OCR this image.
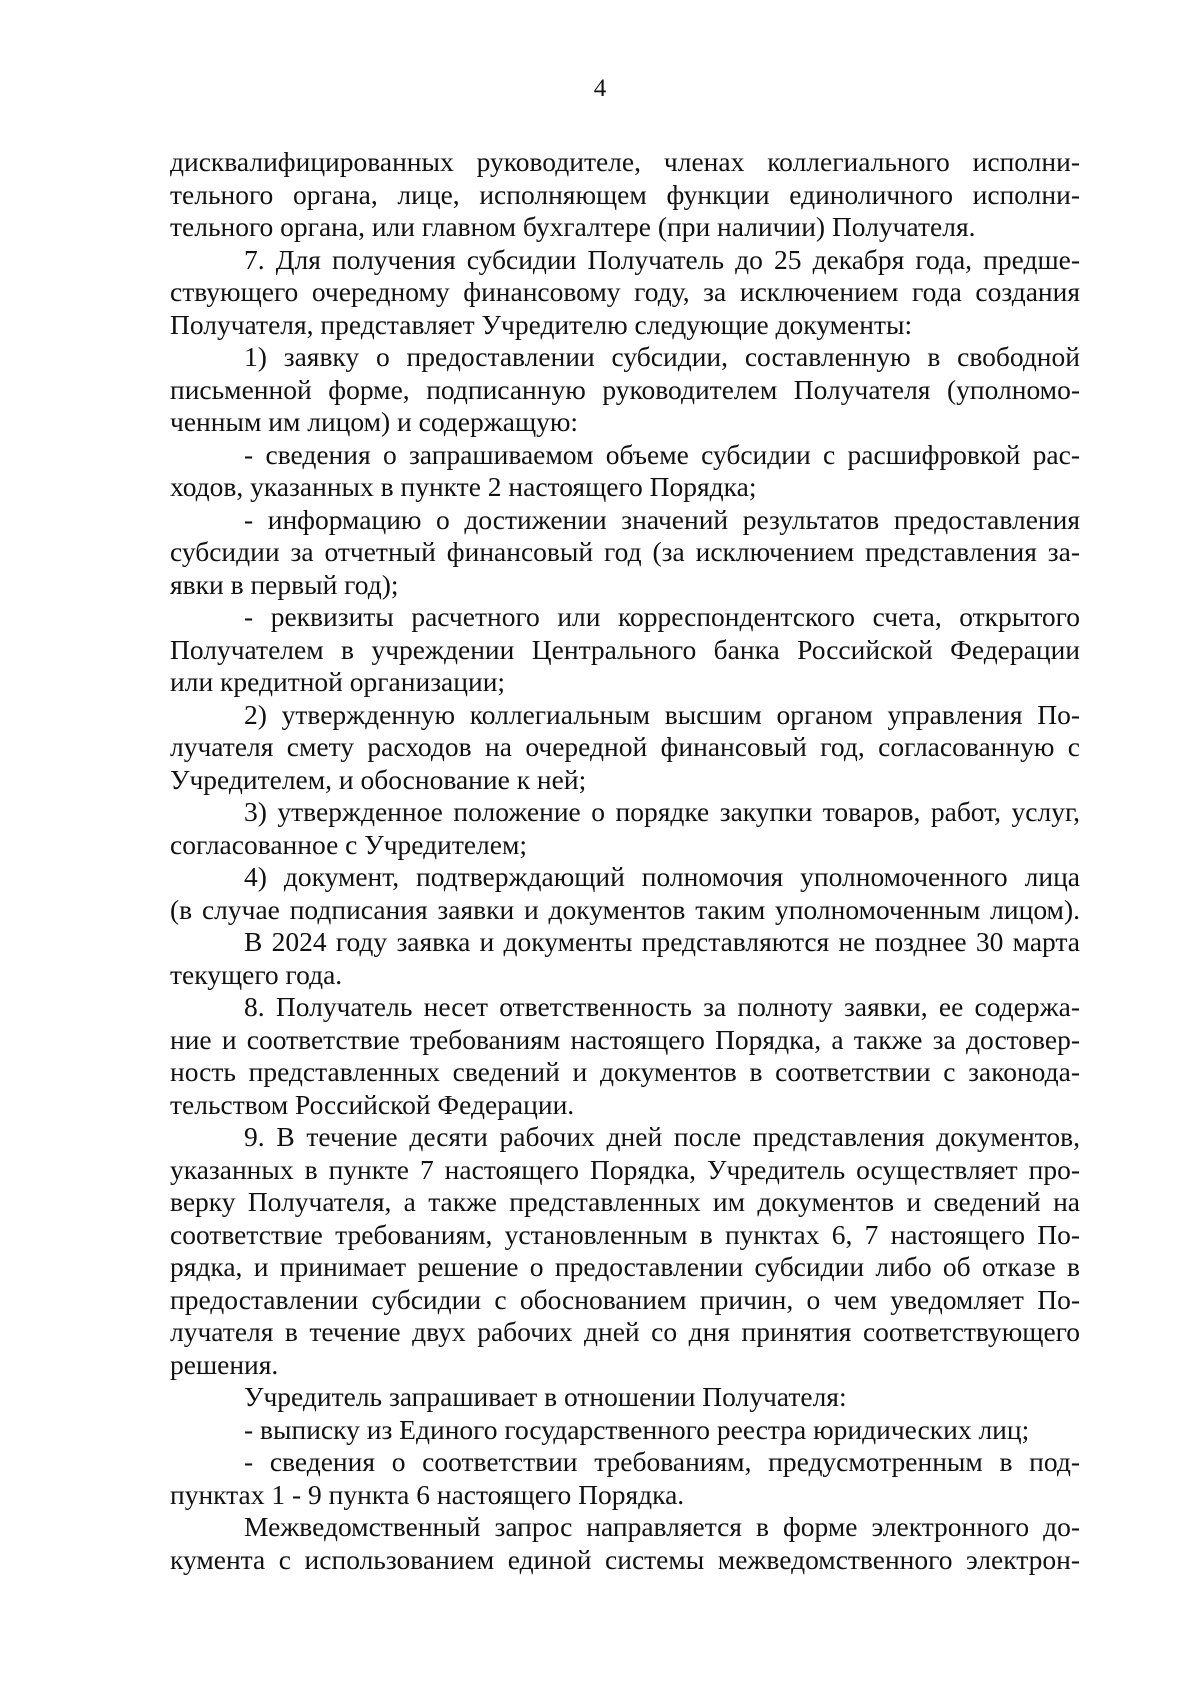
4
дисквалифицированных руководителе, членах коллегиального исполни-
тельного органа, лице, исполняющем функции единоличного исполни-
тельного органа, или главном бухгалтере (при наличии) Получателя.
7. Для получения субсидии Получатель до 25 декабря года, предше-
ствующего очередному финансовому году, за исключением года создания
Получателя, представляет Учредителю следующие документы:
1) заявку о предоставлении субсидии, составленную в свободной
письменной форме, подписанную руководителем Получателя (уполномо-
ченным им лицом) и содержащую:
- сведения о запрашиваемом объеме субсидии с расшифровкой рас-
ходов, указанных в пункте 2 настоящего Порядка;
- информацию о достижении значений результатов предоставления
субсидии за отчетный финансовый год (за исключением представления за-
явки в первый год);
- реквизиты расчетного или корреспондентского счета, открытого
Получателем в учреждении Центрального банка Российской Федерации
или кредитной организации;
2) утвержденную коллегиальным высшим органом управления По-
лучателя смету расходов на очередной финансовый год, согласованную с
Учредителем, и обоснование к ней;
3) утвержденное положение о порядке закупки товаров, работ, услуг,
согласованное с Учредителем;
4) документ, подтверждающий полномочия уполномоченного лица
(в случае подписания заявки и документов таким уполномоченным лицом).
В 2024 году заявка и документы представляются не позднее 30 марта
текущего года.
8. Получатель несет ответственность за полноту заявки, ее содержа-
ние и соответствие требованиям настоящего Порядка, а также за достовер-
ность представленных сведений и документов в соответствии с законода-
тельством Российской Федерации.
9. В течение десяти рабочих дней после представления документов,
указанных в пункте 7 настоящего Порядка, Учредитель осуществляет про-
верку Получателя, а также представленных им документов и сведений на
соответствие требованиям, установленным в пунктах 6, 7 настоящего По-
рядка, и принимает решение о предоставлении субсидии либо об отказе в
предоставлении субсидии с обоснованием причин, о чем уведомляет По-
лучателя в течение двух рабочих дней со дня принятия соответствующего
решения.
Учредитель запрашивает в отношении Получателя:
- выписку из Единого государственного реестра юридических лиц;
- сведения о соответствии требованиям, предусмотренным в под-
пунктах 1 - 9 пункта 6 настоящего Порядка.
Межведомственный запрос направляется в форме электронного до-
кумента с использованием единой системы межведомственного электрон-
